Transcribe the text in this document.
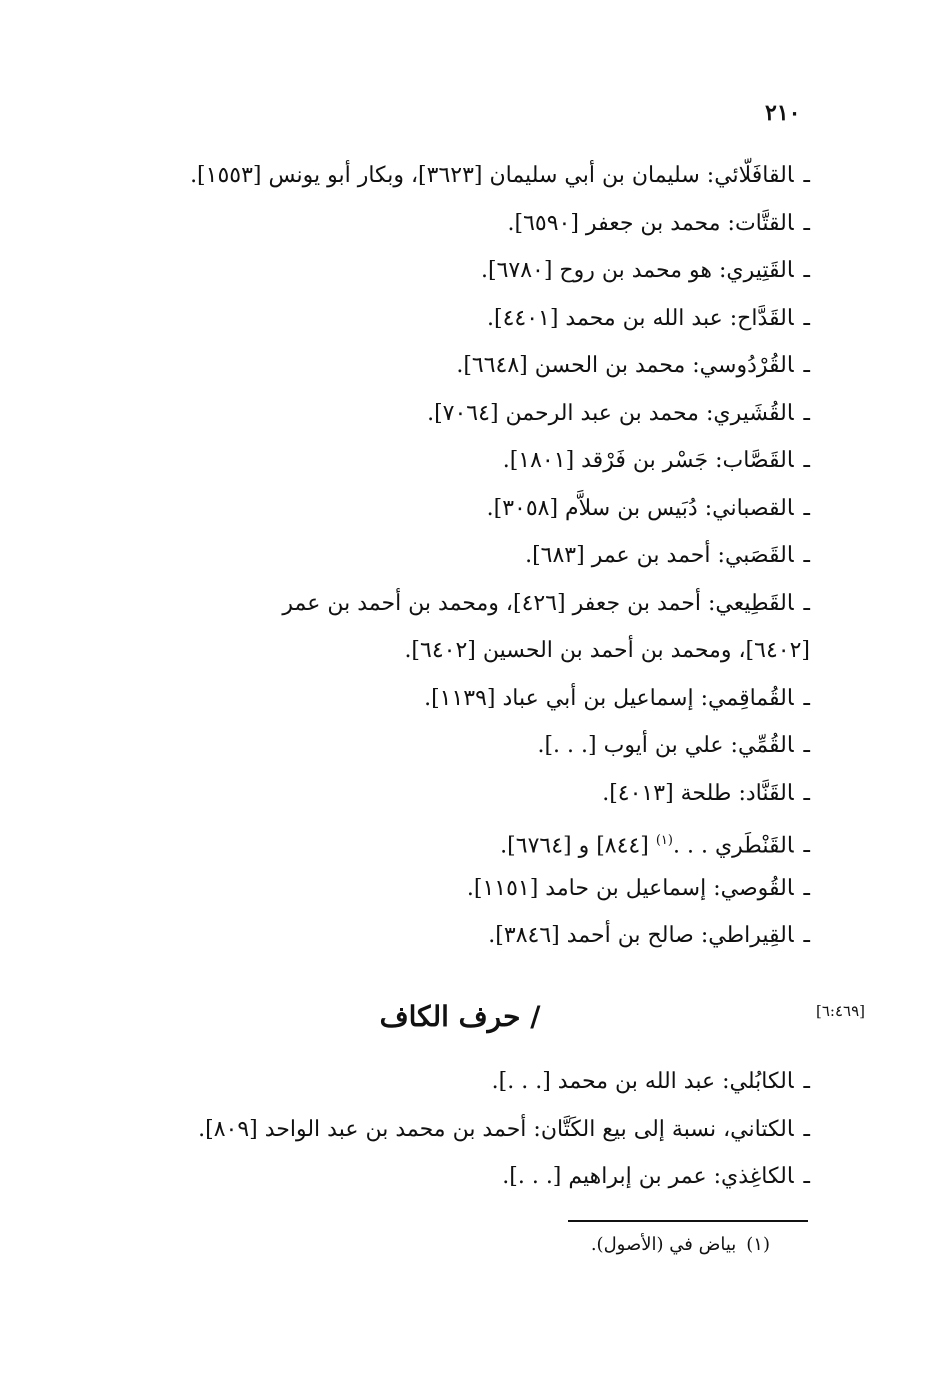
٢١٠
ـالقافَلّائي: سليمان بن أبي سليمان [٣٦٢٣]، وبكار أبو يونس [١٥٥٣].
ـالقتَّات: محمد بن جعفر [٦٥٩٠].
ـالقَتِيري: هو محمد بن روح [٦٧٨٠].
ـالقَدَّاح: عبد الله بن محمد [٤٤٠١].
ـالقُرْدُوسي: محمد بن الحسن [٦٦٤٨].
ـالقُشَيري: محمد بن عبد الرحمن [٧٠٦٤].
ـالقَصَّاب: جَسْر بن فَرْقد [١٨٠١].
ـالقصباني: دُبَيس بن سلاَّم [٣٠٥٨].
ـالقَصَبي: أحمد بن عمر [٦٨٣].
ـالقَطِيعي: أحمد بن جعفر [٤٢٦]، ومحمد بن أحمد بن عمر
[٦٤٠٢]، ومحمد بن أحمد بن الحسين [٦٤٠٢].
ـالقُماقِمي: إسماعيل بن أبي عباد [١١٣٩].
ـالقُمِّي: علي بن أيوب [. . .].
ـالقَنَّاد: طلحة [٤٠١٣].
ـالقَنْطَري . . .$^{(١)}$ [٨٤٤] و [٦٧٦٤].
ـالقُوصي: إسماعيل بن حامد [١١٥١].
ـالقِيراطي: صالح بن أحمد [٣٨٤٦].
[٦:٤٦٩]
/ حرف الكاف
ـالكابُلي: عبد الله بن محمد [. . .].
ـالكتاني، نسبة إلى بيع الكَتَّان: أحمد بن محمد بن عبد الواحد [٨٠٩].
ـالكاغِذي: عمر بن إبراهيم [. . .].
(١)بياض في (الأصول).
